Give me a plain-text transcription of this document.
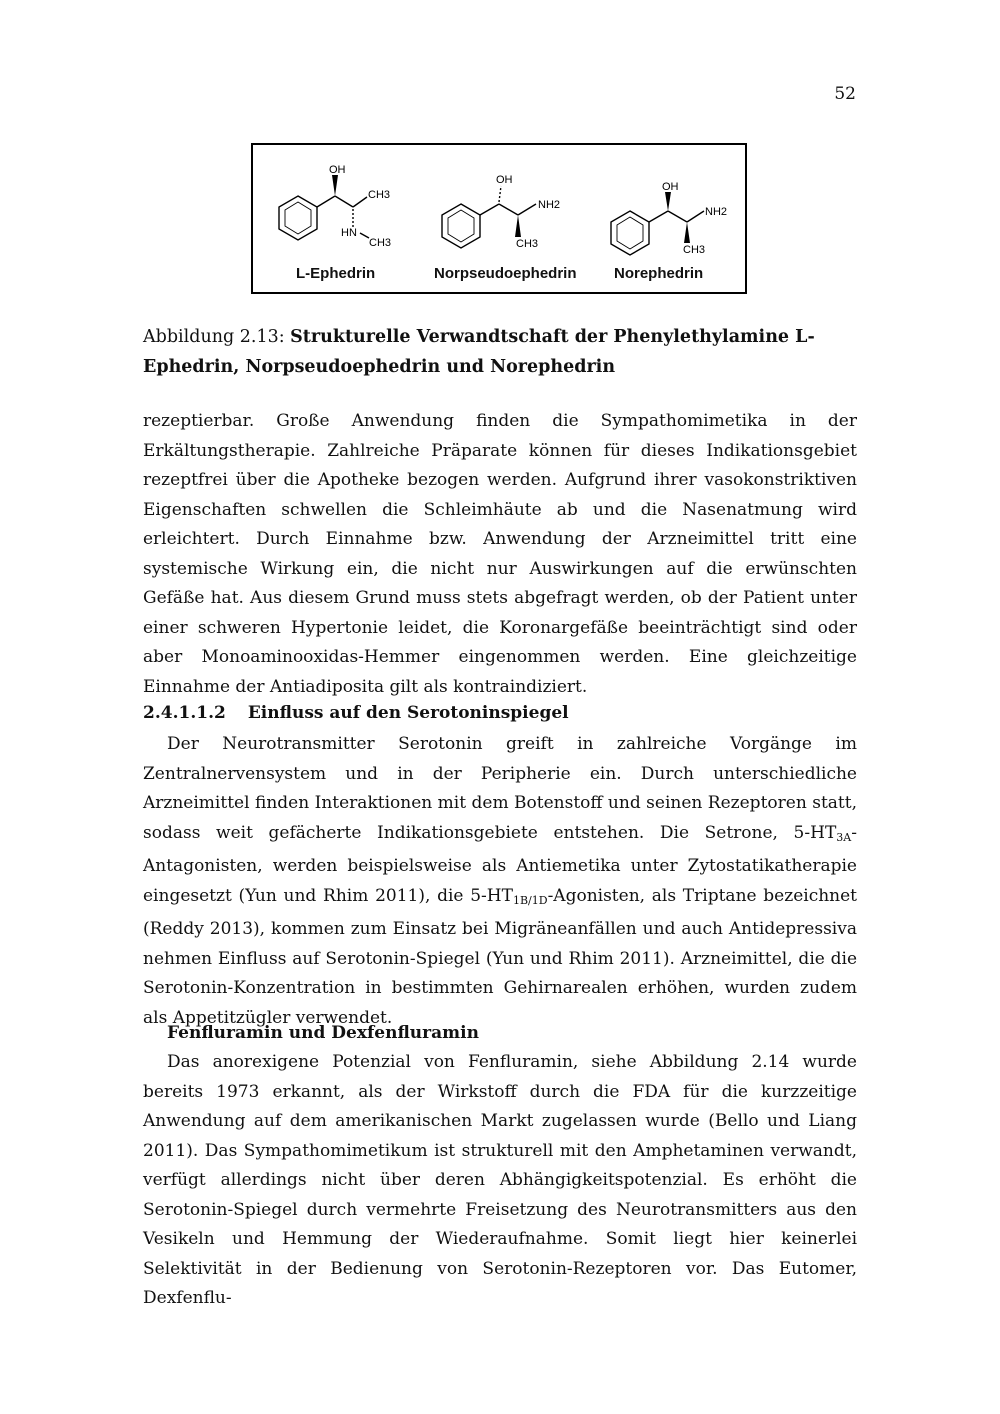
52
OH
CH3
HN
CH3
OH
NH2
CH3
OH
NH2
CH3
L-Ephedrin	Norpseudoephedrin Norephedrin
Abbildung 2.13: Strukturelle Verwandtschaft der Phenylethylamine L-Ephedrin, Norpseudoephedrin und Norephedrin
rezeptierbar. Große Anwendung finden die Sympathomimetika in der Erkältungstherapie. Zahlreiche Präparate können für dieses Indikationsgebiet rezeptfrei über die Apotheke bezogen werden. Aufgrund ihrer vasokonstriktiven Eigenschaften schwellen die Schleimhäute ab und die Nasenatmung wird erleichtert. Durch Einnahme bzw. Anwendung der Arzneimittel tritt eine systemische Wirkung ein, die nicht nur Auswirkungen auf die erwünschten Gefäße hat. Aus diesem Grund muss stets abgefragt werden, ob der Patient unter einer schweren Hypertonie leidet, die Koronargefäße beeinträchtigt sind oder aber Monoaminooxidas-Hemmer eingenommen werden. Eine gleichzeitige Einnahme der Antiadiposita gilt als kontraindiziert.
2.4.1.1.2 Einfluss auf den Serotoninspiegel
Der Neurotransmitter Serotonin greift in zahlreiche Vorgänge im Zentralnervensystem und in der Peripherie ein. Durch unterschiedliche Arzneimittel finden Interaktionen mit dem Botenstoff und seinen Rezeptoren statt, sodass weit gefächerte Indikationsgebiete entstehen. Die Setrone, $5-HT_{3A}$-Antagonisten, werden beispielsweise als Antiemetika unter Zytostatikatherapie eingesetzt (Yun und Rhim 2011), die $5-HT_{1B/1D}$-Agonisten, als Triptane bezeichnet (Reddy 2013), kommen zum Einsatz bei Migräneanfällen und auch Antidepressiva nehmen Einfluss auf Serotonin-Spiegel (Yun und Rhim 2011). Arzneimittel, die die Serotonin-Konzentration in bestimmten Gehirnarealen erhöhen, wurden zudem als Appetitzügler verwendet.
Fenfluramin und Dexfenfluramin
Das anorexigene Potenzial von Fenfluramin, siehe Abbildung 2.14 wurde bereits 1973 erkannt, als der Wirkstoff durch die FDA für die kurzzeitige Anwendung auf dem amerikanischen Markt zugelassen wurde (Bello und Liang 2011). Das Sympathomimetikum ist strukturell mit den Amphetaminen verwandt, verfügt allerdings nicht über deren Abhängigkeitspotenzial. Es erhöht die Serotonin-Spiegel durch vermehrte Freisetzung des Neurotransmitters aus den Vesikeln und Hemmung der Wiederaufnahme. Somit liegt hier keinerlei Selektivität in der Bedienung von Serotonin-Rezeptoren vor. Das Eutomer, Dexfenflu-
